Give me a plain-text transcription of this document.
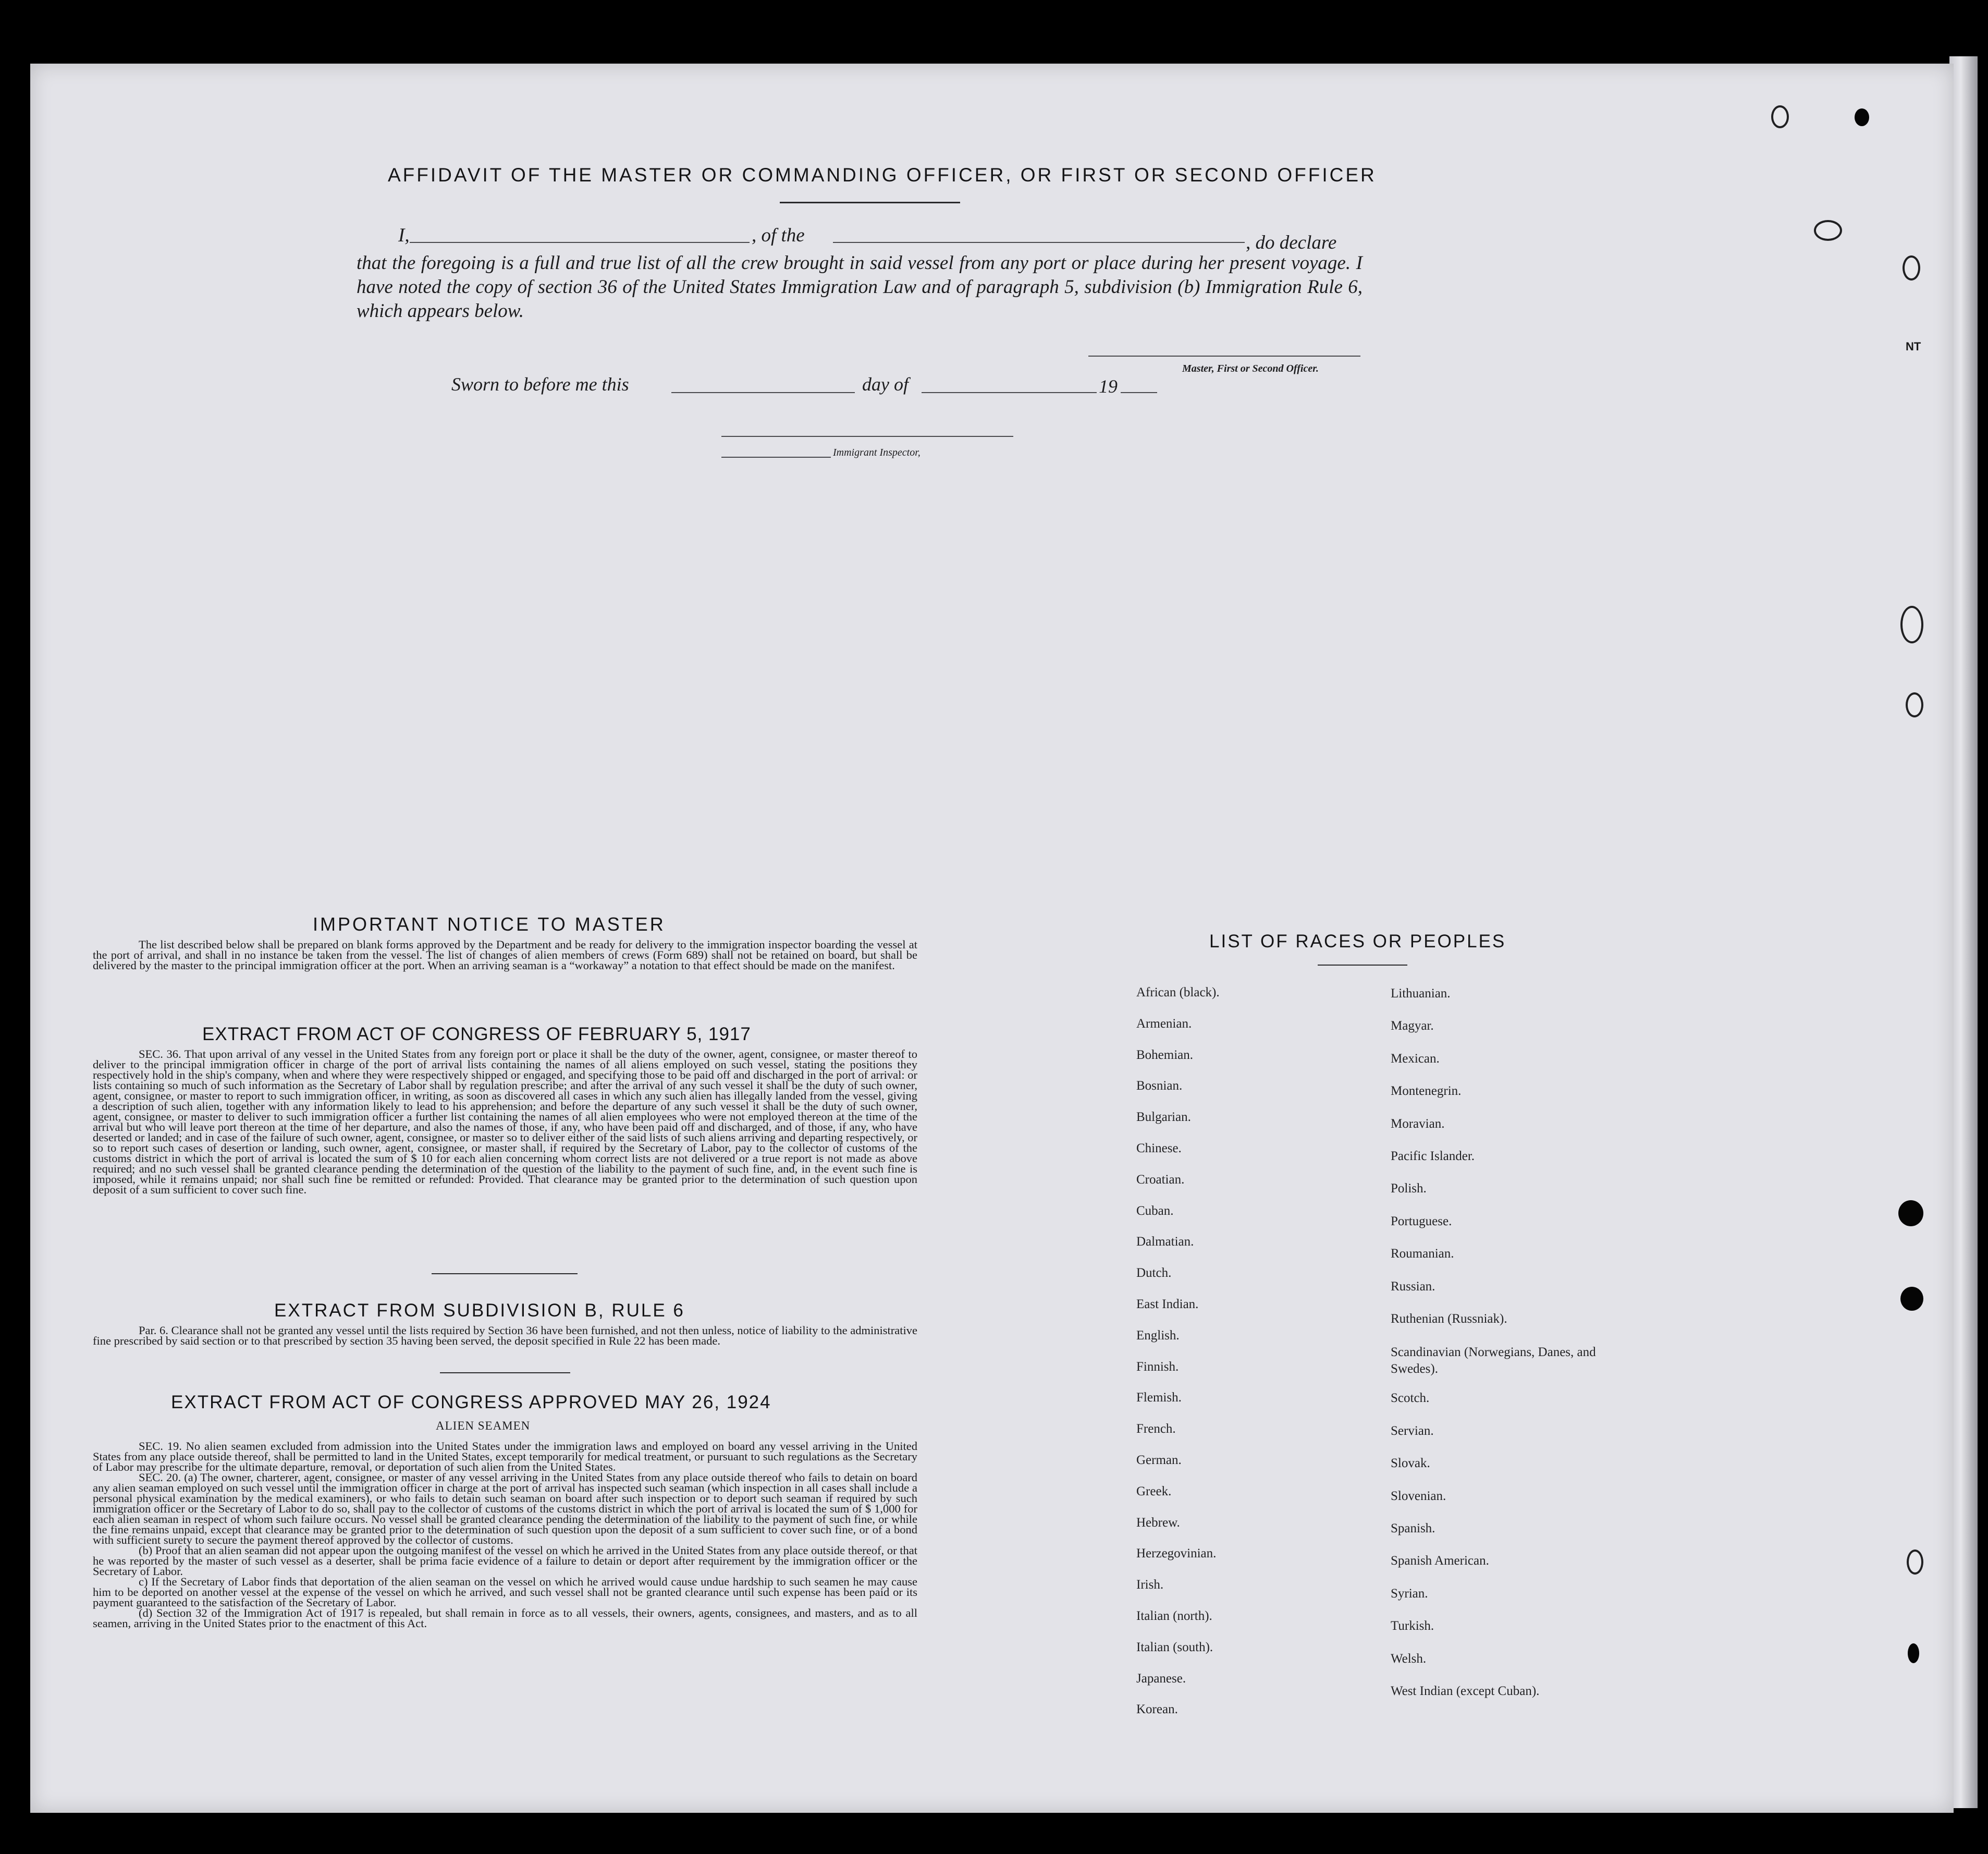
AFFIDAVIT OF THE MASTER OR COMMANDING OFFICER, OR FIRST OR SECOND OFFICER
I,	, of the	, do declare
that the foregoing is a full and true list of all the crew brought in said vessel from any port or place during her present voyage. I have noted the copy of section 36 of the United States Immigration Law and of paragraph 5, subdivision (b) Immigration Rule 6, which appears below.
Master, First or Second Officer.
Sworn to before me this	day of	19
Immigrant Inspector,
IMPORTANT NOTICE TO MASTER

The list described below shall be prepared on blank forms approved by the Department and be ready for delivery to the immigration inspector boarding the vessel at the port of arrival, and shall in no instance be taken from the vessel. The list of changes of alien members of crews (Form 689) shall not be retained on board, but shall be delivered by the master to the principal immigration officer at the port. When an arriving seaman is a “workaway” a notation to that effect should be made on the manifest.

EXTRACT FROM ACT OF CONGRESS OF FEBRUARY 5, 1917

SEC. 36. That upon arrival of any vessel in the United States from any foreign port or place it shall be the duty of the owner, agent, consignee, or master thereof to deliver to the principal immigration officer in charge of the port of arrival lists containing the names of all aliens employed on such vessel, stating the positions they respectively hold in the ship's company, when and where they were respectively shipped or engaged, and specifying those to be paid off and discharged in the port of arrival: or lists containing so much of such information as the Secretary of Labor shall by regulation prescribe; and after the arrival of any such vessel it shall be the duty of such owner, agent, consignee, or master to report to such immigration officer, in writing, as soon as discovered all cases in which any such alien has illegally landed from the vessel, giving a description of such alien, together with any information likely to lead to his apprehension; and before the departure of any such vessel it shall be the duty of such owner, agent, consignee, or master to deliver to such immigration officer a further list containing the names of all alien employees who were not employed thereon at the time of the arrival but who will leave port thereon at the time of her departure, and also the names of those, if any, who have been paid off and discharged, and of those, if any, who have deserted or landed; and in case of the failure of such owner, agent, consignee, or master so to deliver either of the said lists of such aliens arriving and departing respectively, or so to report such cases of desertion or landing, such owner, agent, consignee, or master shall, if required by the Secretary of Labor, pay to the collector of customs of the customs district in which the port of arrival is located the sum of $ 10 for each alien concerning whom correct lists are not delivered or a true report is not made as above required; and no such vessel shall be granted clearance pending the determination of the question of the liability to the payment of such fine, and, in the event such fine is imposed, while it remains unpaid; nor shall such fine be remitted or refunded: Provided. That clearance may be granted prior to the determination of such question upon deposit of a sum sufficient to cover such fine.

EXTRACT FROM SUBDIVISION B, RULE 6

Par. 6. Clearance shall not be granted any vessel until the lists required by Section 36 have been furnished, and not then unless, notice of liability to the administrative fine prescribed by said section or to that prescribed by section 35 having been served, the deposit specified in Rule 22 has been made.

EXTRACT FROM ACT OF CONGRESS APPROVED MAY 26, 1924
ALIEN SEAMEN

SEC. 19. No alien seamen excluded from admission into the United States under the immigration laws and employed on board any vessel arriving in the United States from any place outside thereof, shall be permitted to land in the United States, except temporarily for medical treatment, or pursuant to such regulations as the Secretary of Labor may prescribe for the ultimate departure, removal, or deportation of such alien from the United States.

SEC. 20. (a) The owner, charterer, agent, consignee, or master of any vessel arriving in the United States from any place outside thereof who fails to detain on board any alien seaman employed on such vessel until the immigration officer in charge at the port of arrival has inspected such seaman (which inspection in all cases shall include a personal physical examination by the medical examiners), or who fails to detain such seaman on board after such inspection or to deport such seaman if required by such immigration officer or the Secretary of Labor to do so, shall pay to the collector of customs of the customs district in which the port of arrival is located the sum of $ 1,000 for each alien seaman in respect of whom such failure occurs. No vessel shall be granted clearance pending the determination of the liability to the payment of such fine, or while the fine remains unpaid, except that clearance may be granted prior to the determination of such question upon the deposit of a sum sufficient to cover such fine, or of a bond with sufficient surety to secure the payment thereof approved by the collector of customs.

(b) Proof that an alien seaman did not appear upon the outgoing manifest of the vessel on which he arrived in the United States from any place outside thereof, or that he was reported by the master of such vessel as a deserter, shall be prima facie evidence of a failure to detain or deport after requirement by the immigration officer or the Secretary of Labor.

c) If the Secretary of Labor finds that deportation of the alien seaman on the vessel on which he arrived would cause undue hardship to such seamen he may cause him to be deported on another vessel at the expense of the vessel on which he arrived, and such vessel shall not be granted clearance until such expense has been paid or its payment guaranteed to the satisfaction of the Secretary of Labor.

(d) Section 32 of the Immigration Act of 1917 is repealed, but shall remain in force as to all vessels, their owners, agents, consignees, and masters, and as to all seamen, arriving in the United States prior to the enactment of this Act.

LIST OF RACES OR PEOPLES
NT
African (black).
Armenian.
Bohemian.
Bosnian.
Bulgarian.
Chinese.
Croatian.
Cuban.
Dalmatian.
Dutch.
East Indian.
English.
Finnish.
Flemish.
French.
German.
Greek.
Hebrew.
Herzegovinian.
Irish.
Italian (north).
Italian (south).
Japanese.
Korean.
Lithuanian.
Magyar.
Mexican.
Montenegrin.
Moravian.
Pacific Islander.
Polish.
Portuguese.
Roumanian.
Russian.
Ruthenian (Russniak).
Scandinavian (Norwegians, Danes, and Swedes).
Scotch.
Servian.
Slovak.
Slovenian.
Spanish.
Spanish American.
Syrian.
Turkish.
Welsh.
West Indian (except Cuban).
